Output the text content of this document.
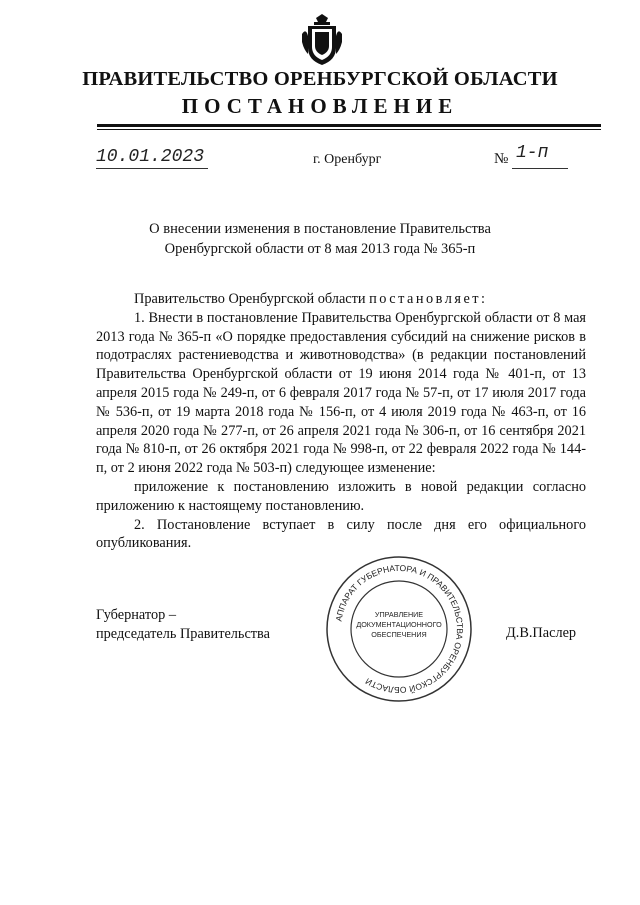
ПРАВИТЕЛЬСТВО ОРЕНБУРГСКОЙ ОБЛАСТИ
ПОСТАНОВЛЕНИЕ
10.01.2023	г. Оренбург	№ 1-п
О внесении изменения в постановление Правительства
Оренбургской области от 8 мая 2013 года № 365-п

Правительство Оренбургской области постановляет:

1. Внести в постановление Правительства Оренбургской области от 8 мая 2013 года № 365-п «О порядке предоставления субсидий на снижение рисков в подотраслях растениеводства и животноводства» (в редакции постановлений Правительства Оренбургской области от 19 июня 2014 года № 401-п, от 13 апреля 2015 года № 249-п, от 6 февраля 2017 года № 57-п, от 17 июля 2017 года № 536-п, от 19 марта 2018 года № 156-п, от 4 июля 2019 года № 463-п, от 16 апреля 2020 года № 277-п, от 26 апреля 2021 года № 306-п, от 16 сентября 2021 года № 810-п, от 26 октября 2021 года № 998-п, от 22 февраля 2022 года № 144-п, от 2 июня 2022 года № 503-п) следующее изменение:

приложение к постановлению изложить в новой редакции согласно приложению к настоящему постановлению.

2. Постановление вступает в силу после дня его официального опубликования.

Губернатор –
председатель Правительства	Д.В.Паслер
АППАРАТ ГУБЕРНАТОРА И ПРАВИТЕЛЬСТВА ОРЕНБУРГСКОЙ ОБЛАСТИ
УПРАВЛЕНИЕ
ДОКУМЕНТАЦИОННОГО
ОБЕСПЕЧЕНИЯ
